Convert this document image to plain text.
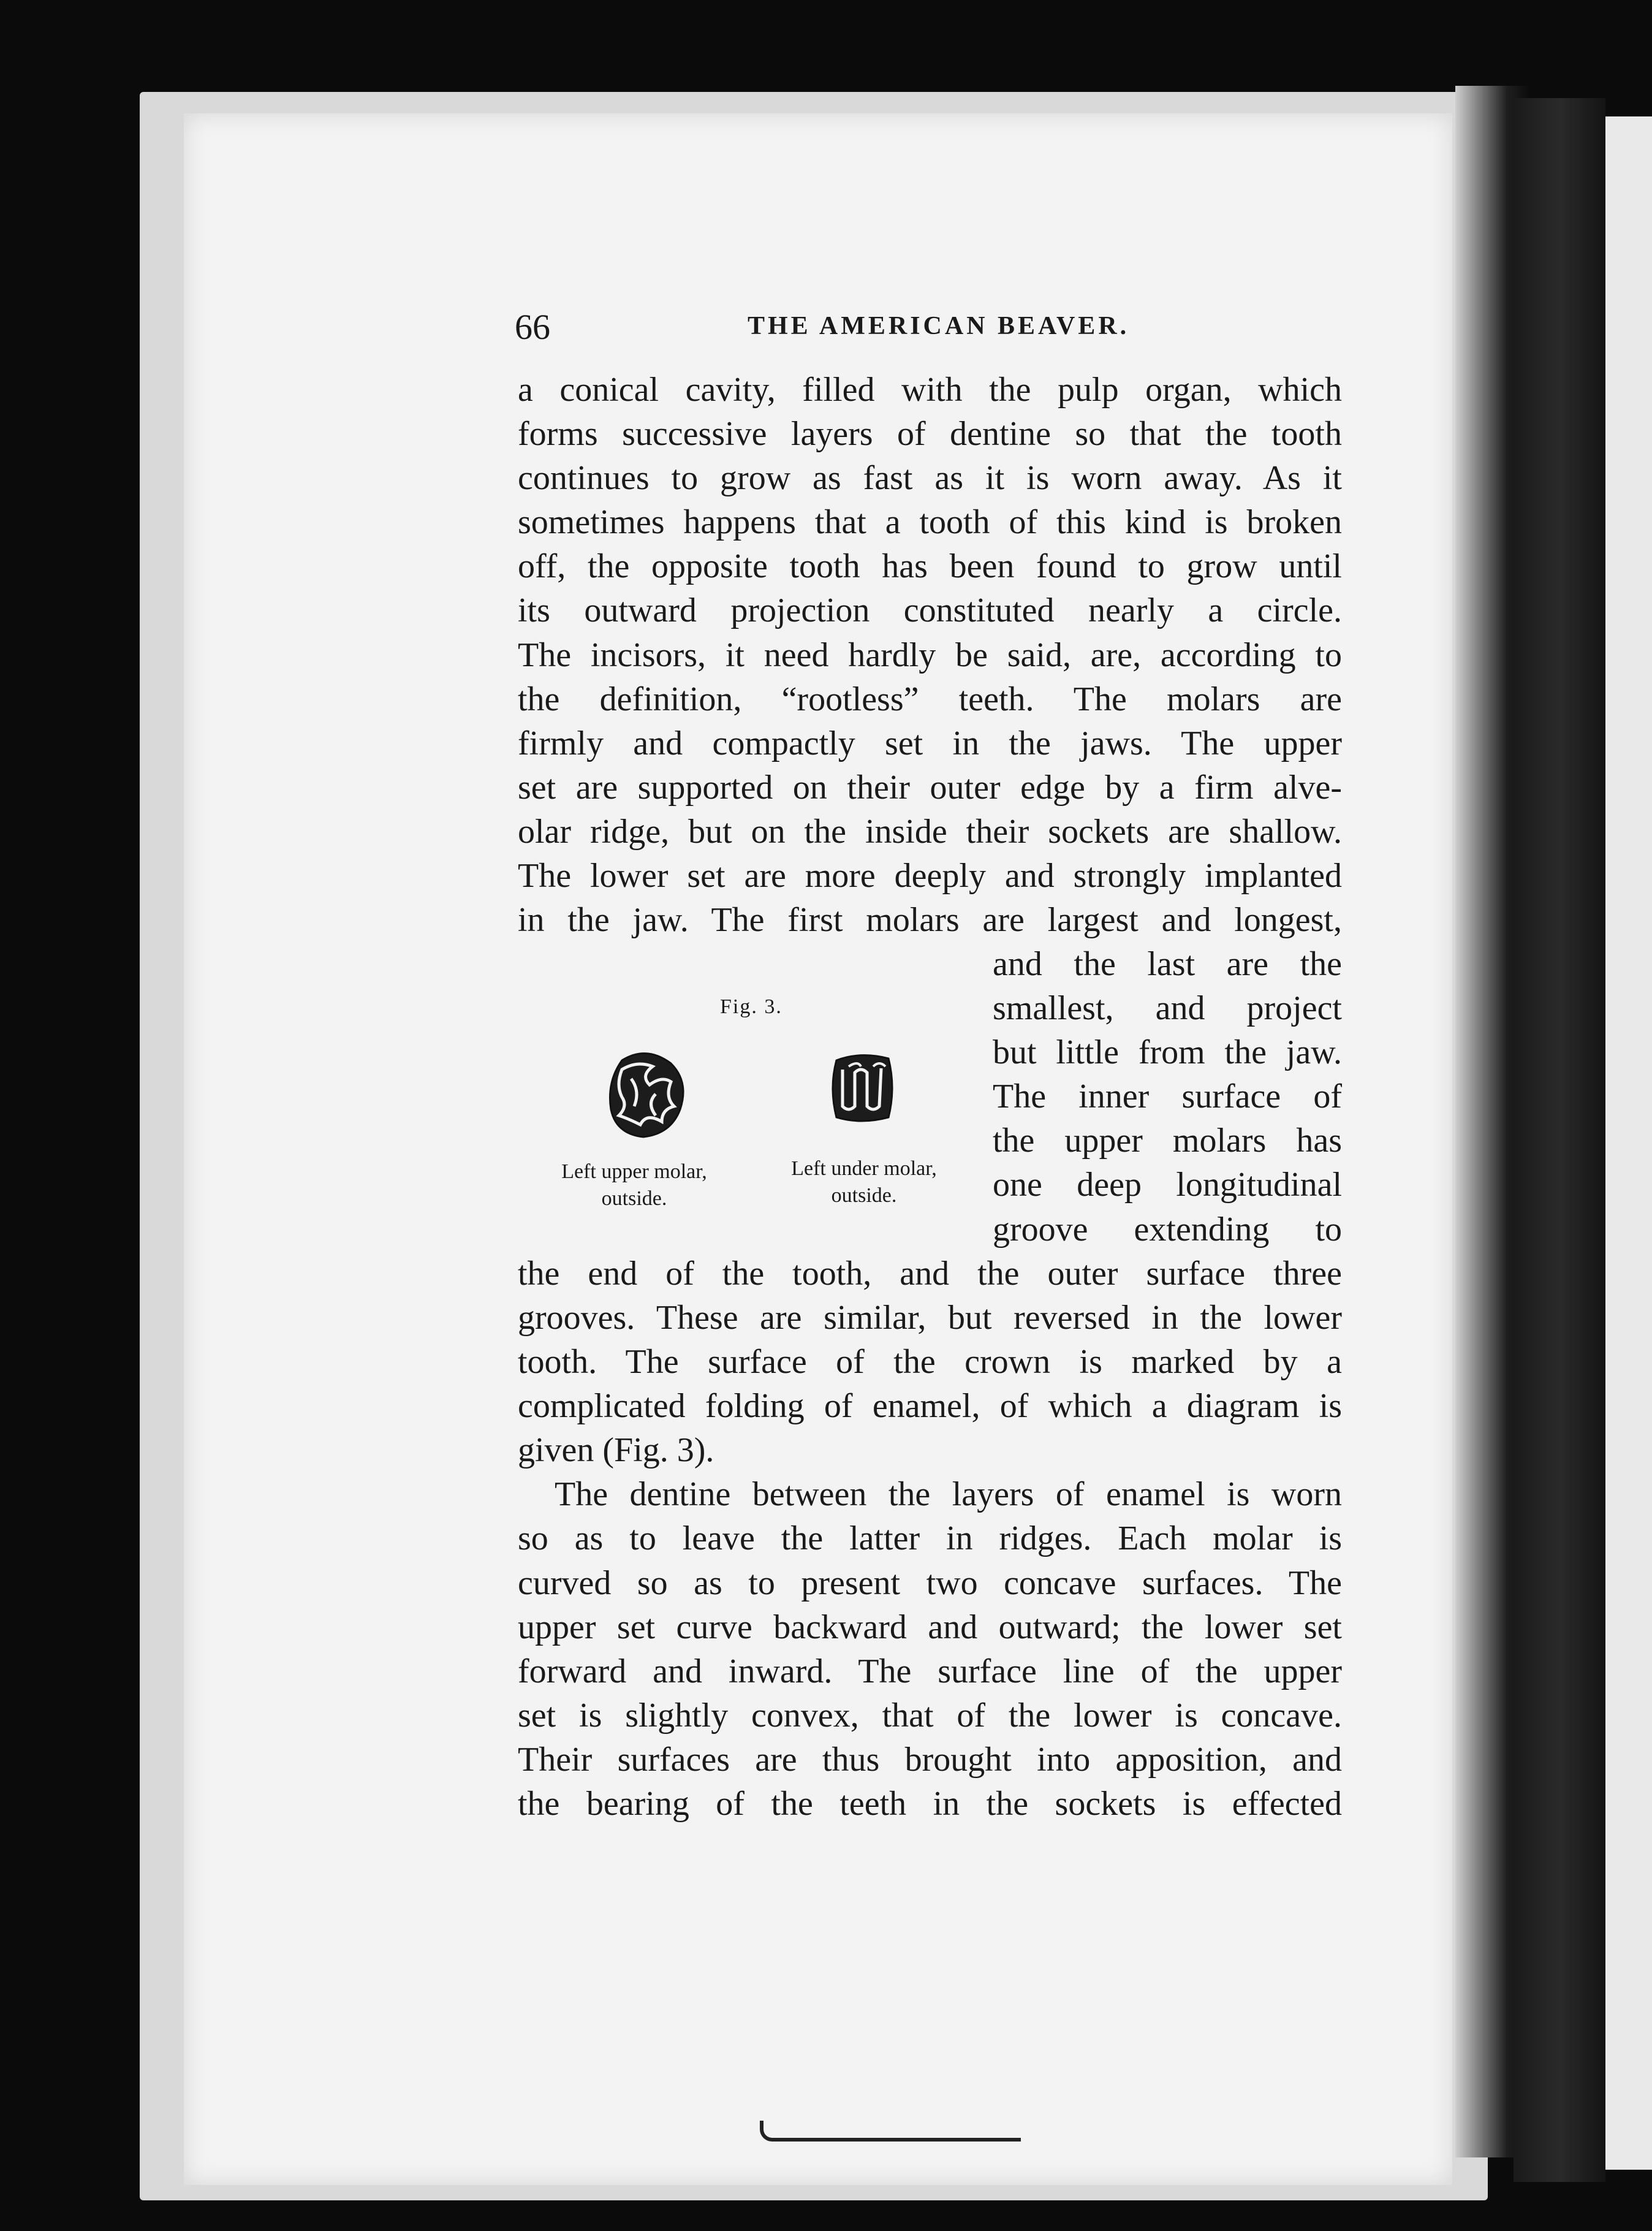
66	THE AMERICAN BEAVER.
a conical cavity, filled with the pulp organ, which
forms successive layers of dentine so that the tooth
continues to grow as fast as it is worn away. As it
sometimes happens that a tooth of this kind is broken
off, the opposite tooth has been found to grow until
its outward projection constituted nearly a circle.
The incisors, it need hardly be said, are, according to
the definition, “rootless” teeth. The molars are
firmly and compactly set in the jaws. The upper
set are supported on their outer edge by a firm alve-
olar ridge, but on the inside their sockets are shallow.
The lower set are more deeply and strongly implanted
in the jaw. The first molars are largest and longest,
the end of the tooth, and the outer surface three
grooves. These are similar, but reversed in the lower
tooth. The surface of the crown is marked by a
complicated folding of enamel, of which a diagram is
given (Fig. 3).
The dentine between the layers of enamel is worn
so as to leave the latter in ridges. Each molar is
curved so as to present two concave surfaces. The
upper set curve backward and outward; the lower set
forward and inward. The surface line of the upper
set is slightly convex, that of the lower is concave.
Their surfaces are thus brought into apposition, and
the bearing of the teeth in the sockets is effected
and the last are the
smallest, and project
but little from the jaw.
The inner surface of
the upper molars has
one deep longitudinal
groove extending to
Fig. 3.
Left upper molar,
outside.
Left under molar,
outside.
